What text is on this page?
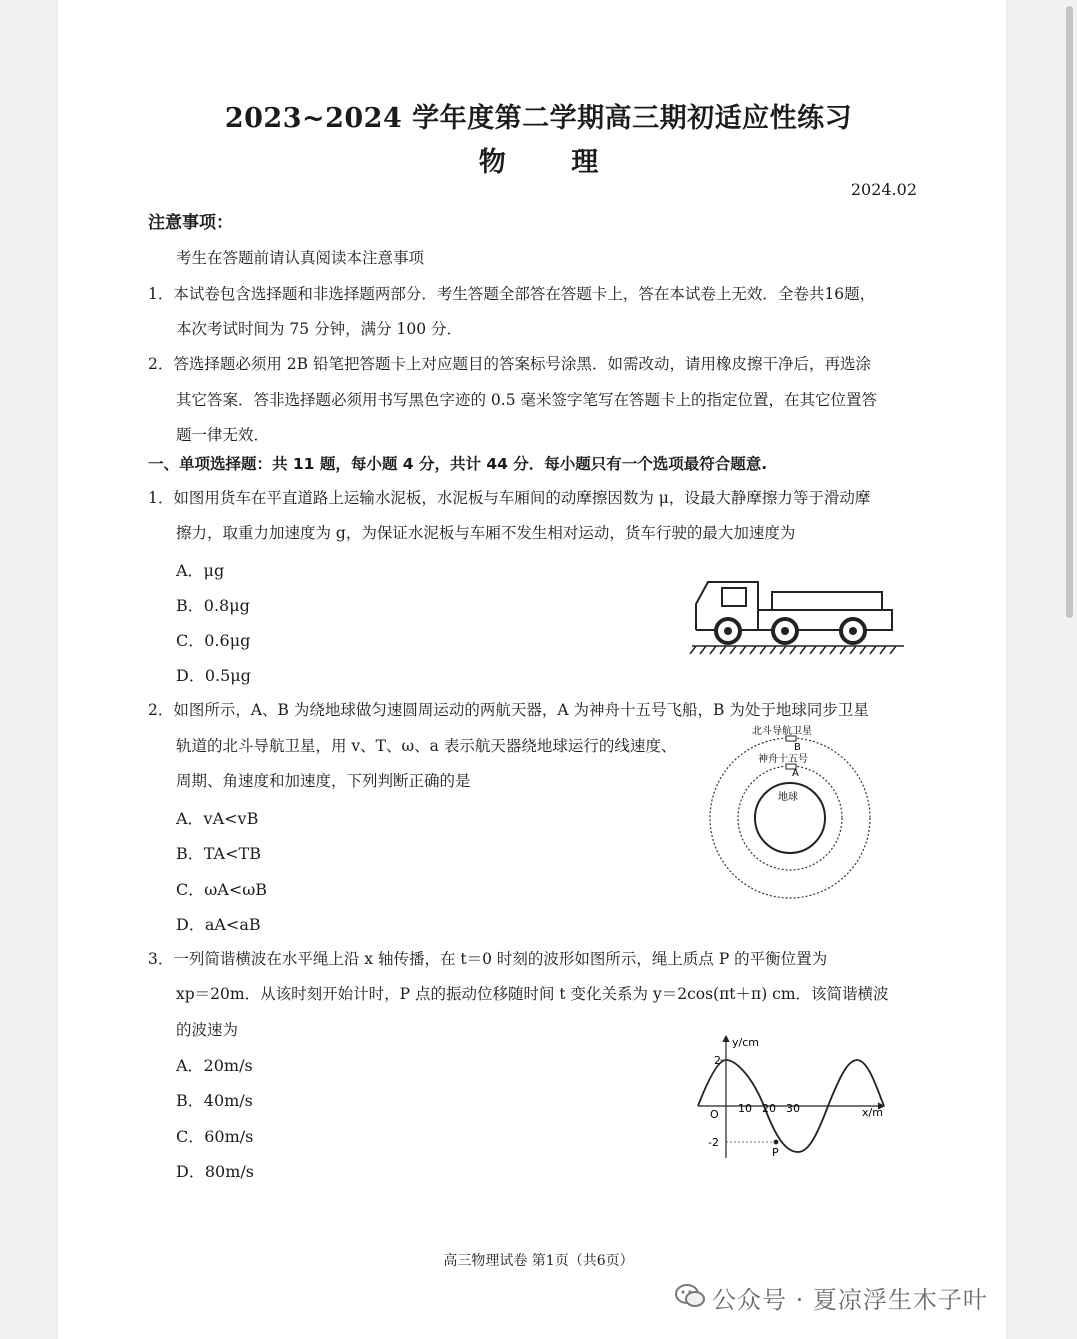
2023~2024 学年度第二学期高三期初适应性练习
物 理
2024.02
注意事项：
考生在答题前请认真阅读本注意事项
1．本试卷包含选择题和非选择题两部分．考生答题全部答在答题卡上，答在本试卷上无效．全卷共16题，
本次考试时间为 75 分钟，满分 100 分．
2．答选择题必须用 2B 铅笔把答题卡上对应题目的答案标号涂黑．如需改动，请用橡皮擦干净后，再选涂
其它答案．答非选择题必须用书写黑色字迹的 0.5 毫米签字笔写在答题卡上的指定位置，在其它位置答
题一律无效．
一、单项选择题：共 11 题，每小题 4 分，共计 44 分．每小题只有一个选项最符合题意.
1．如图用货车在平直道路上运输水泥板，水泥板与车厢间的动摩擦因数为 μ，设最大静摩擦力等于滑动摩
擦力，取重力加速度为 g，为保证水泥板与车厢不发生相对运动，货车行驶的最大加速度为
A．μg
B．0.8μg
C．0.6μg
D．0.5μg
2．如图所示，A、B 为绕地球做匀速圆周运动的两航天器，A 为神舟十五号飞船，B 为处于地球同步卫星
轨道的北斗导航卫星，用 v、T、ω、a 表示航天器绕地球运行的线速度、
周期、角速度和加速度，下列判断正确的是
A．vA<vB
B．TA<TB
C．ωA<ωB
D．aA<aB
北斗导航卫星
B
神舟十五号
A
地球
3．一列简谐横波在水平绳上沿 x 轴传播，在 t＝0 时刻的波形如图所示，绳上质点 P 的平衡位置为
xp＝20m．从该时刻开始计时，P 点的振动位移随时间 t 变化关系为 y＝2cos(πt＋π) cm．该简谐横波
的波速为
A．20m/s
B．40m/s
C．60m/s
D．80m/s
y/cm
x/m
O 10 20 30
2
-2
P
高三物理试卷 第1页（共6页）
公众号 · 夏凉浮生木子叶
